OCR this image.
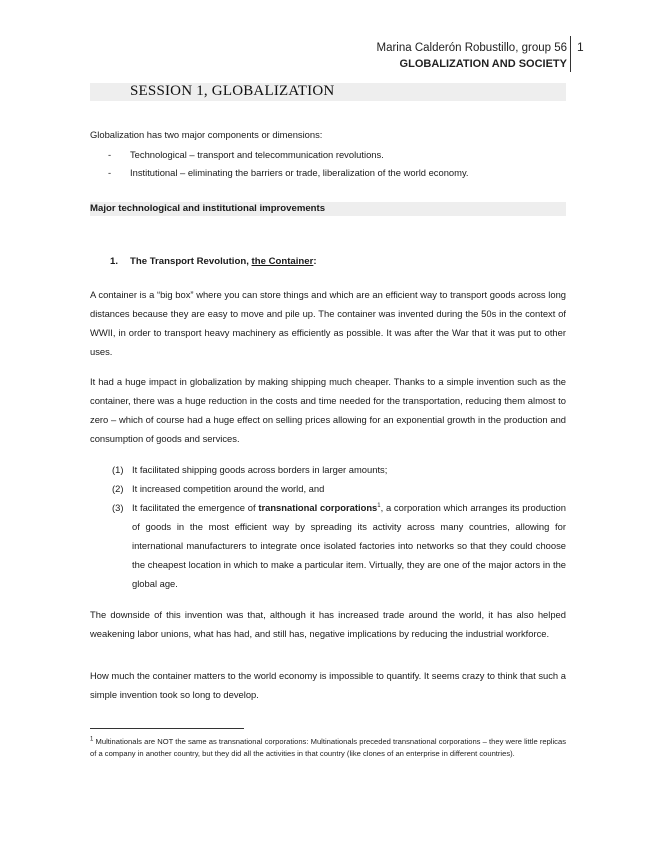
Marina Calderón Robustillo, group 56
GLOBALIZATION AND SOCIETY
1
SESSION 1, GLOBALIZATION
Globalization has two major components or dimensions:
- Technological – transport and telecommunication revolutions.
- Institutional – eliminating the barriers or trade, liberalization of the world economy.
Major technological and institutional improvements
1. The Transport Revolution, the Container:
A container is a “big box” where you can store things and which are an efficient way to transport goods across long distances because they are easy to move and pile up. The container was invented during the 50s in the context of WWII, in order to transport heavy machinery as efficiently as possible. It was after the War that it was put to other uses.
It had a huge impact in globalization by making shipping much cheaper. Thanks to a simple invention such as the container, there was a huge reduction in the costs and time needed for the transportation, reducing them almost to zero – which of course had a huge effect on selling prices allowing for an exponential growth in the production and consumption of goods and services.
(1) It facilitated shipping goods across borders in larger amounts;
(2) It increased competition around the world, and
(3) It facilitated the emergence of transnational corporations$^1$, a corporation which arranges its production of goods in the most efficient way by spreading its activity across many countries, allowing for international manufacturers to integrate once isolated factories into networks so that they could choose the cheapest location in which to make a particular item. Virtually, they are one of the major actors in the global age.
The downside of this invention was that, although it has increased trade around the world, it has also helped weakening labor unions, what has had, and still has, negative implications by reducing the industrial workforce.
How much the container matters to the world economy is impossible to quantify. It seems crazy to think that such a simple invention took so long to develop.
$^1$ Multinationals are NOT the same as transnational corporations: Multinationals preceded transnational corporations – they were little replicas of a company in another country, but they did all the activities in that country (like clones of an enterprise in different countries).
